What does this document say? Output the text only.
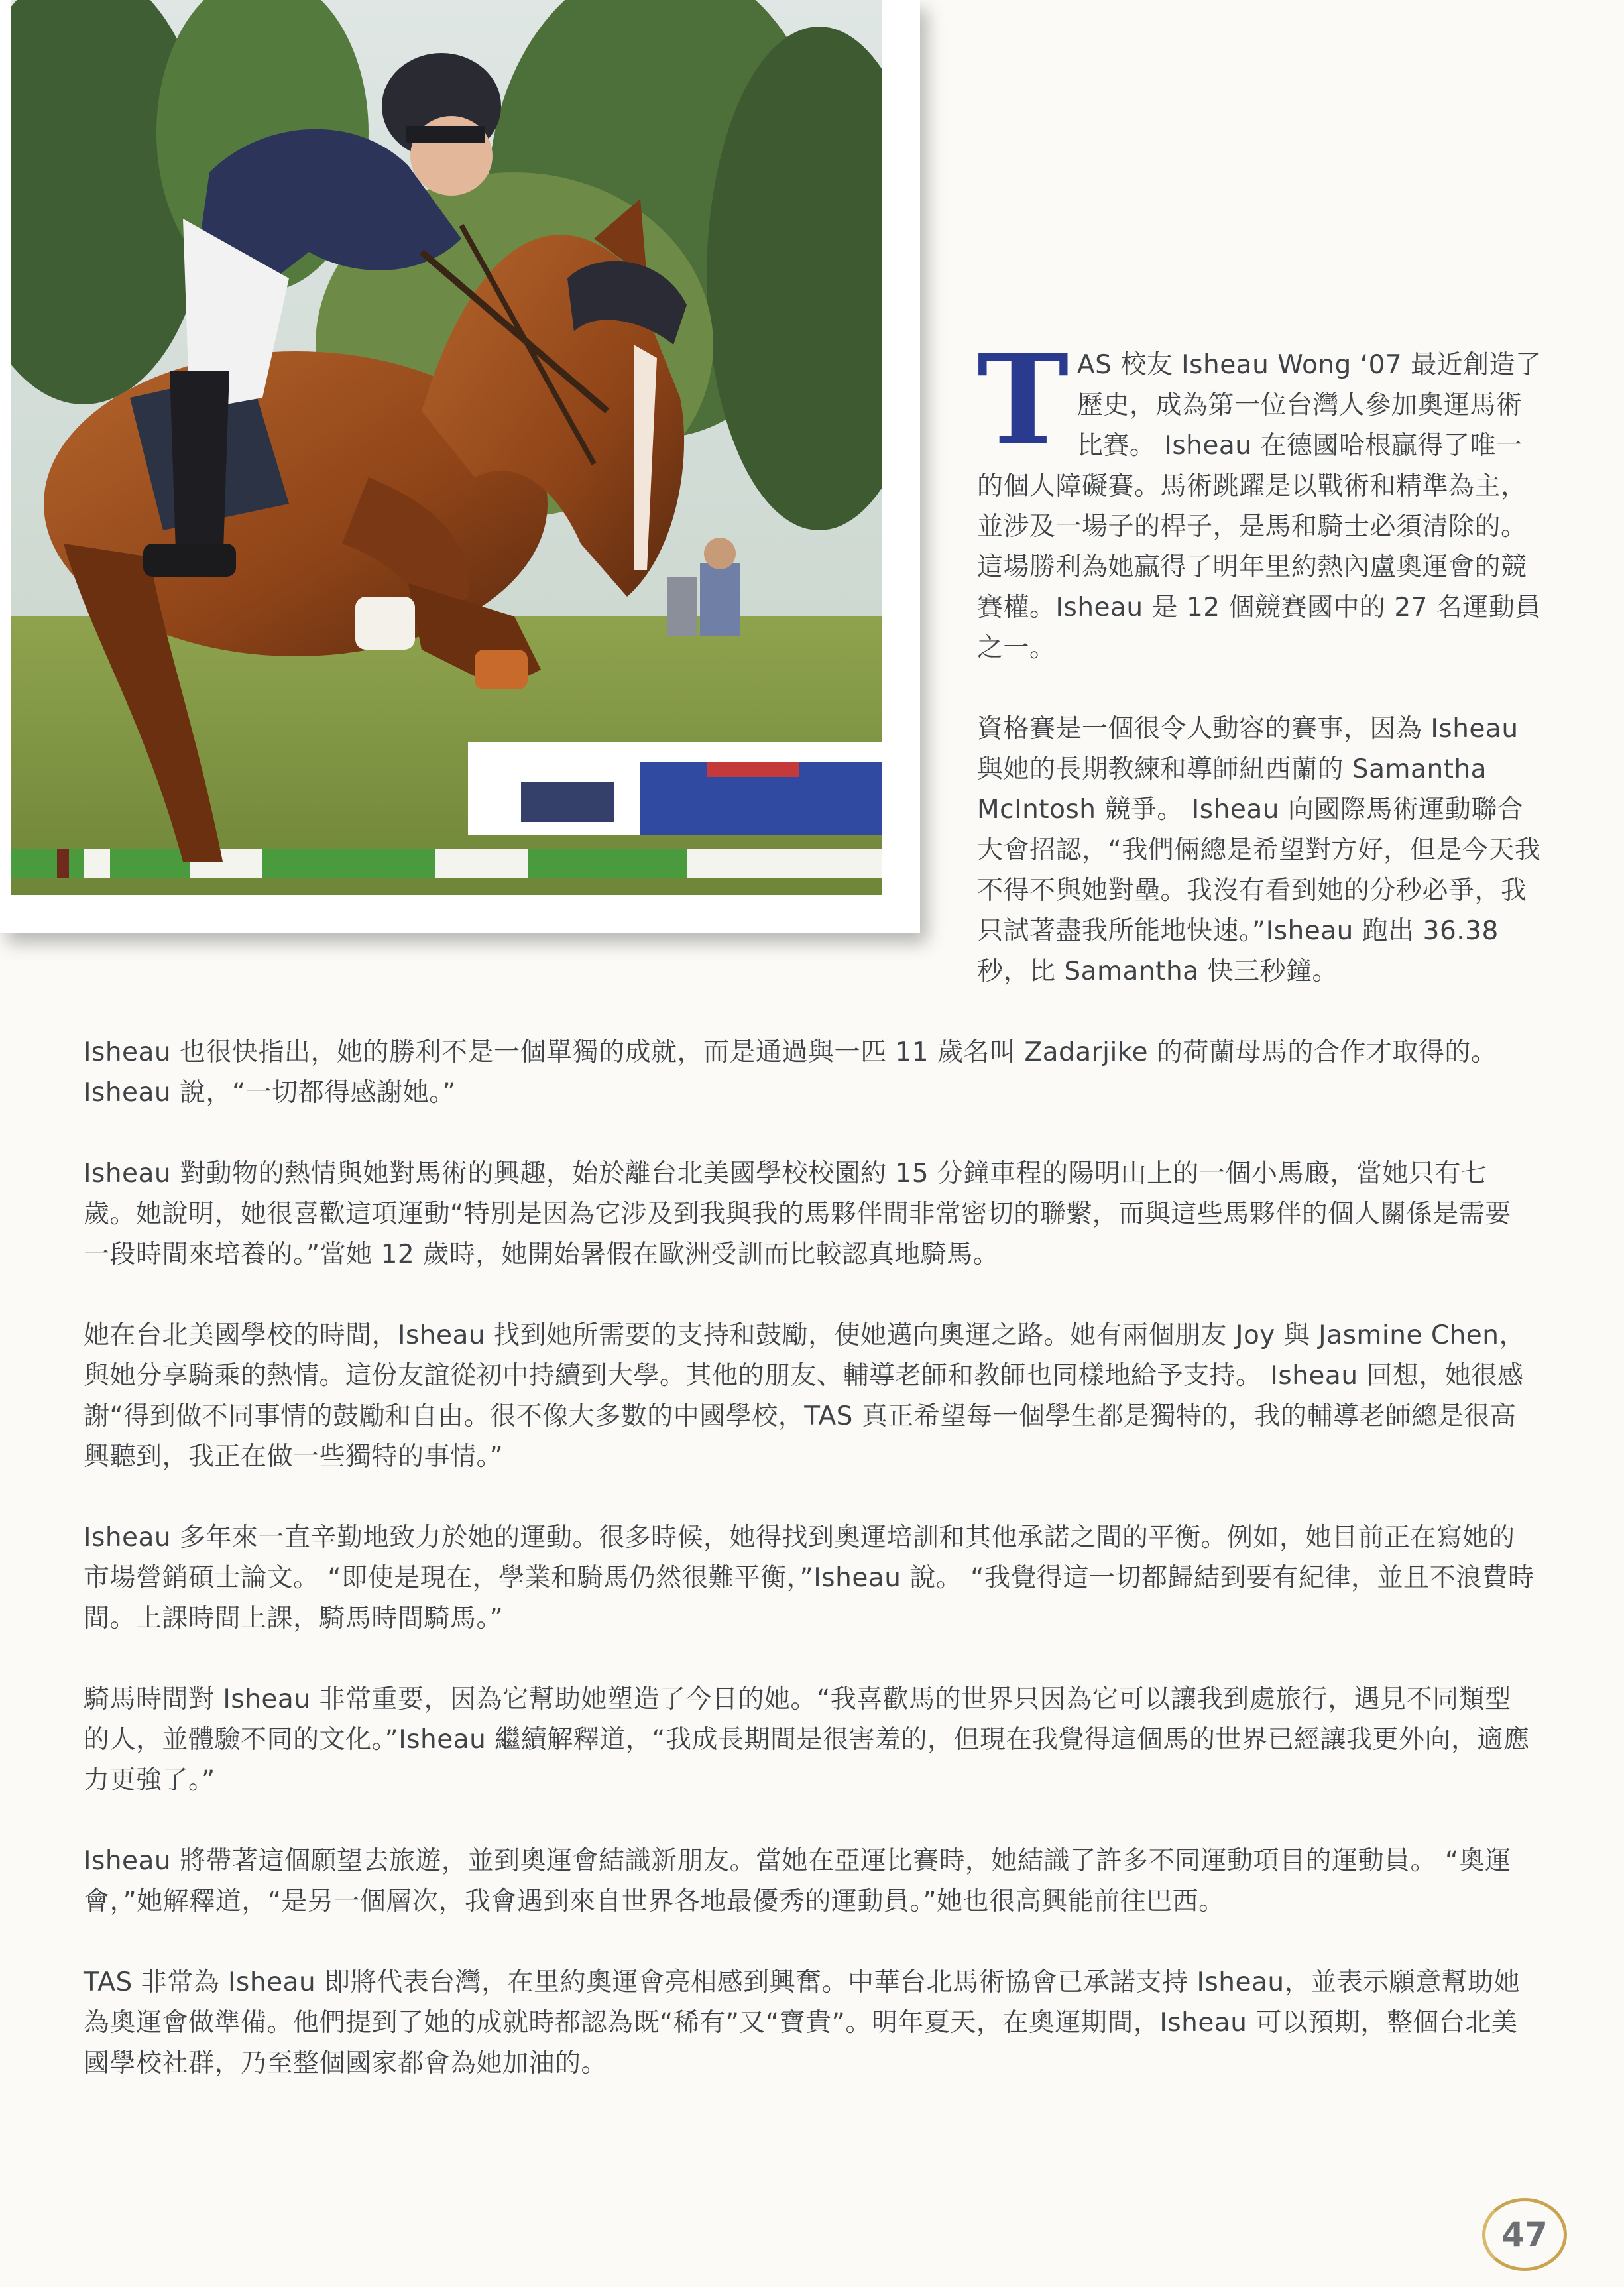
TAS 校友 Isheau Wong ‘07 最近創造了歷史，成為第一位台灣人參加奧運馬術比賽。 Isheau 在德國哈根贏得了唯一的個人障礙賽。馬術跳躍是以戰術和精準為主，並涉及一場子的桿子，是馬和騎士必須清除的。這場勝利為她贏得了明年里約熱內盧奧運會的競賽權。Isheau 是 12 個競賽國中的 27 名運動員之一。

資格賽是一個很令人動容的賽事，因為 Isheau 與她的長期教練和導師紐西蘭的 Samantha McIntosh 競爭。 Isheau 向國際馬術運動聯合大會招認，“我們倆總是希望對方好，但是今天我不得不與她對壘。我沒有看到她的分秒必爭，我只試著盡我所能地快速。”Isheau 跑出 36.38 秒，比 Samantha 快三秒鐘。

Isheau 也很快指出，她的勝利不是一個單獨的成就，而是通過與一匹 11 歲名叫 Zadarjike 的荷蘭母馬的合作才取得的。Isheau 說，“一切都得感謝她。”

Isheau 對動物的熱情與她對馬術的興趣，始於離台北美國學校校園約 15 分鐘車程的陽明山上的一個小馬廄，當她只有七歲。她說明，她很喜歡這項運動“特別是因為它涉及到我與我的馬夥伴間非常密切的聯繫，而與這些馬夥伴的個人關係是需要一段時間來培養的。”當她 12 歲時，她開始暑假在歐洲受訓而比較認真地騎馬。

她在台北美國學校的時間，Isheau 找到她所需要的支持和鼓勵，使她邁向奧運之路。她有兩個朋友 Joy 與 Jasmine Chen，與她分享騎乘的熱情。這份友誼從初中持續到大學。其他的朋友、輔導老師和教師也同樣地給予支持。 Isheau 回想，她很感謝“得到做不同事情的鼓勵和自由。很不像大多數的中國學校，TAS 真正希望每一個學生都是獨特的，我的輔導老師總是很高興聽到，我正在做一些獨特的事情。”

Isheau 多年來一直辛勤地致力於她的運動。很多時候，她得找到奧運培訓和其他承諾之間的平衡。例如，她目前正在寫她的市場營銷碩士論文。 “即使是現在，學業和騎馬仍然很難平衡，”Isheau 說。 “我覺得這一切都歸結到要有紀律，並且不浪費時間。上課時間上課，騎馬時間騎馬。”

騎馬時間對 Isheau 非常重要，因為它幫助她塑造了今日的她。“我喜歡馬的世界只因為它可以讓我到處旅行，遇見不同類型的人，並體驗不同的文化。”Isheau 繼續解釋道，“我成長期間是很害羞的，但現在我覺得這個馬的世界已經讓我更外向，適應力更強了。”

Isheau 將帶著這個願望去旅遊，並到奧運會結識新朋友。當她在亞運比賽時，她結識了許多不同運動項目的運動員。 “奧運會，”她解釋道，“是另一個層次，我會遇到來自世界各地最優秀的運動員。”她也很高興能前往巴西。

TAS 非常為 Isheau 即將代表台灣，在里約奧運會亮相感到興奮。中華台北馬術協會已承諾支持 Isheau，並表示願意幫助她為奧運會做準備。他們提到了她的成就時都認為既“稀有”又“寶貴”。明年夏天，在奧運期間，Isheau 可以預期，整個台北美國學校社群，乃至整個國家都會為她加油的。

47
